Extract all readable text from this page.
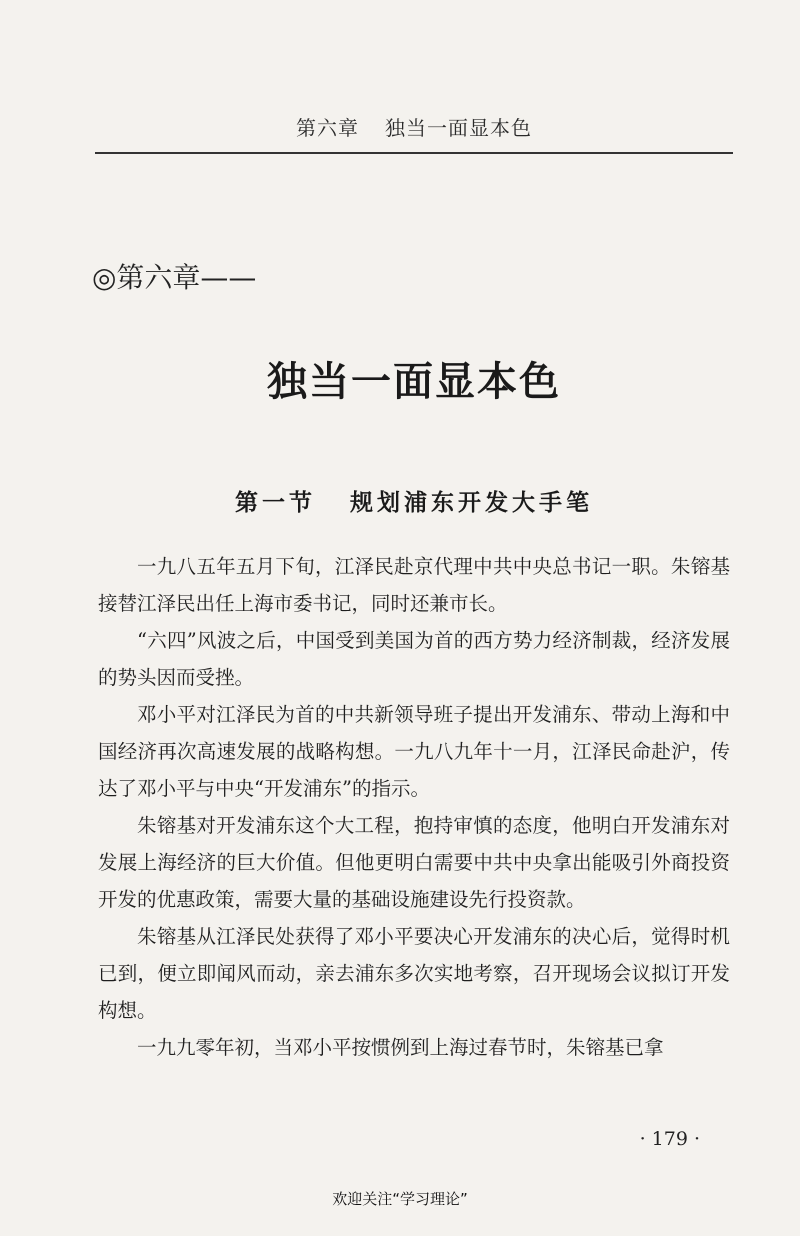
第六章 独当一面显本色
◎第六章——
独当一面显本色
第一节 规划浦东开发大手笔

一九八五年五月下旬，江泽民赴京代理中共中央总书记一职。朱镕基接替江泽民出任上海市委书记，同时还兼市长。

“六四”风波之后，中国受到美国为首的西方势力经济制裁，经济发展的势头因而受挫。

邓小平对江泽民为首的中共新领导班子提出开发浦东、带动上海和中国经济再次高速发展的战略构想。一九八九年十一月，江泽民命赴沪，传达了邓小平与中央“开发浦东”的指示。

朱镕基对开发浦东这个大工程，抱持审慎的态度，他明白开发浦东对发展上海经济的巨大价值。但他更明白需要中共中央拿出能吸引外商投资开发的优惠政策，需要大量的基础设施建设先行投资款。

朱镕基从江泽民处获得了邓小平要决心开发浦东的决心后，觉得时机已到，便立即闻风而动，亲去浦东多次实地考察，召开现场会议拟订开发构想。

一九九零年初，当邓小平按惯例到上海过春节时，朱镕基已拿

· 179 ·
欢迎关注“学习理论”
